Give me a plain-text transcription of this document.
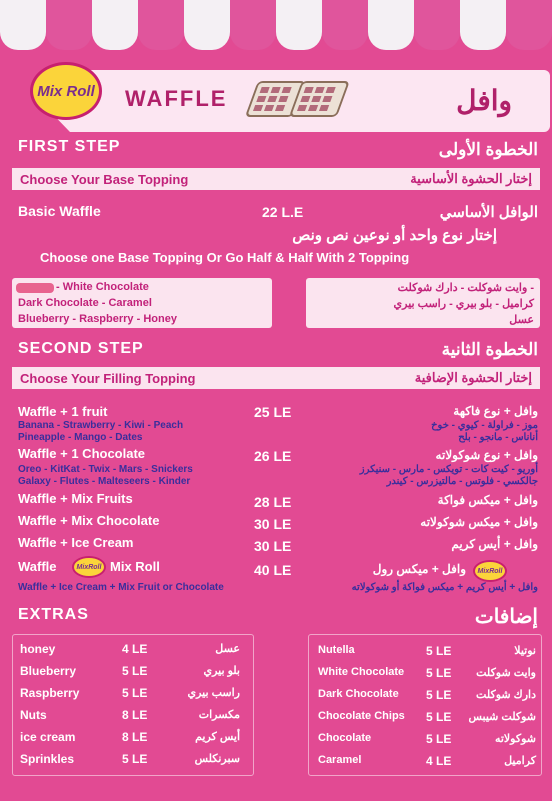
Mix Roll WAFFLE	وافل
FIRST STEP	الخطوة الأولى
Choose Your Base Topping	إختار الحشوة الأساسية
Basic Waffle	22 L.E	الوافل الأساسي
إختار نوع واحد أو نوعين نص ونص
Choose one Base Topping Or Go Half & Half With 2 Topping
- White Chocolate
Dark Chocolate - Caramel
Blueberry - Raspberry - Honey
- وايت شوكلت - دارك شوكلت
كراميل - بلو بيري - راسب بيري
عسل
SECOND STEP	الخطوة الثانية
Choose Your Filling Topping	إختار الحشوة الإضافية
Waffle + 1 fruit	25 LE	وافل + نوع فاكهة
Banana - Strawberry - Kiwi - Peach
Pineapple - Mango - Dates
موز - فراولة - كيوي - خوخ
أناناس - مانجو - بلح
Waffle + 1 Chocolate	26 LE	وافل + نوع شوكولاته
Oreo - KitKat - Twix - Mars - Snickers
Galaxy - Flutes - Malteseers - Kinder
أوريو - كيت كات - تويكس - مارس - سنيكرز
جالكسي - فلوتس - مالتيزرس - كيندر
Waffle + Mix Fruits	28 LE	وافل + ميكس فواكة
Waffle + Mix Chocolate	30 LE	وافل + ميكس شوكولاته
Waffle + Ice Cream	30 LE	وافل + أيس كريم
Waffle	MixRoll Mix Roll	40 LE	MixRoll
وافل + ميكس رول
Waffle + Ice Cream + Mix Fruit or Chocolate	وافل + أيس كريم + ميكس فواكة أو شوكولاته
EXTRAS	إضافات
honey	4 LE	عسل
Blueberry	5 LE	بلو بيري
Raspberry	5 LE	راسب بيري
Nuts	8 LE	مكسرات
ice cream	8 LE	أيس كريم
Sprinkles	5 LE	سبرنكلس
Nutella	5 LE	نوتيلا
White Chocolate 5 LE وايت شوكلت
Dark Chocolate 5 LE دارك شوكلت
Chocolate Chips 5 LE شوكلت شيبس
Chocolate	5 LE	شوكولاته
Caramel	4 LE	كراميل
